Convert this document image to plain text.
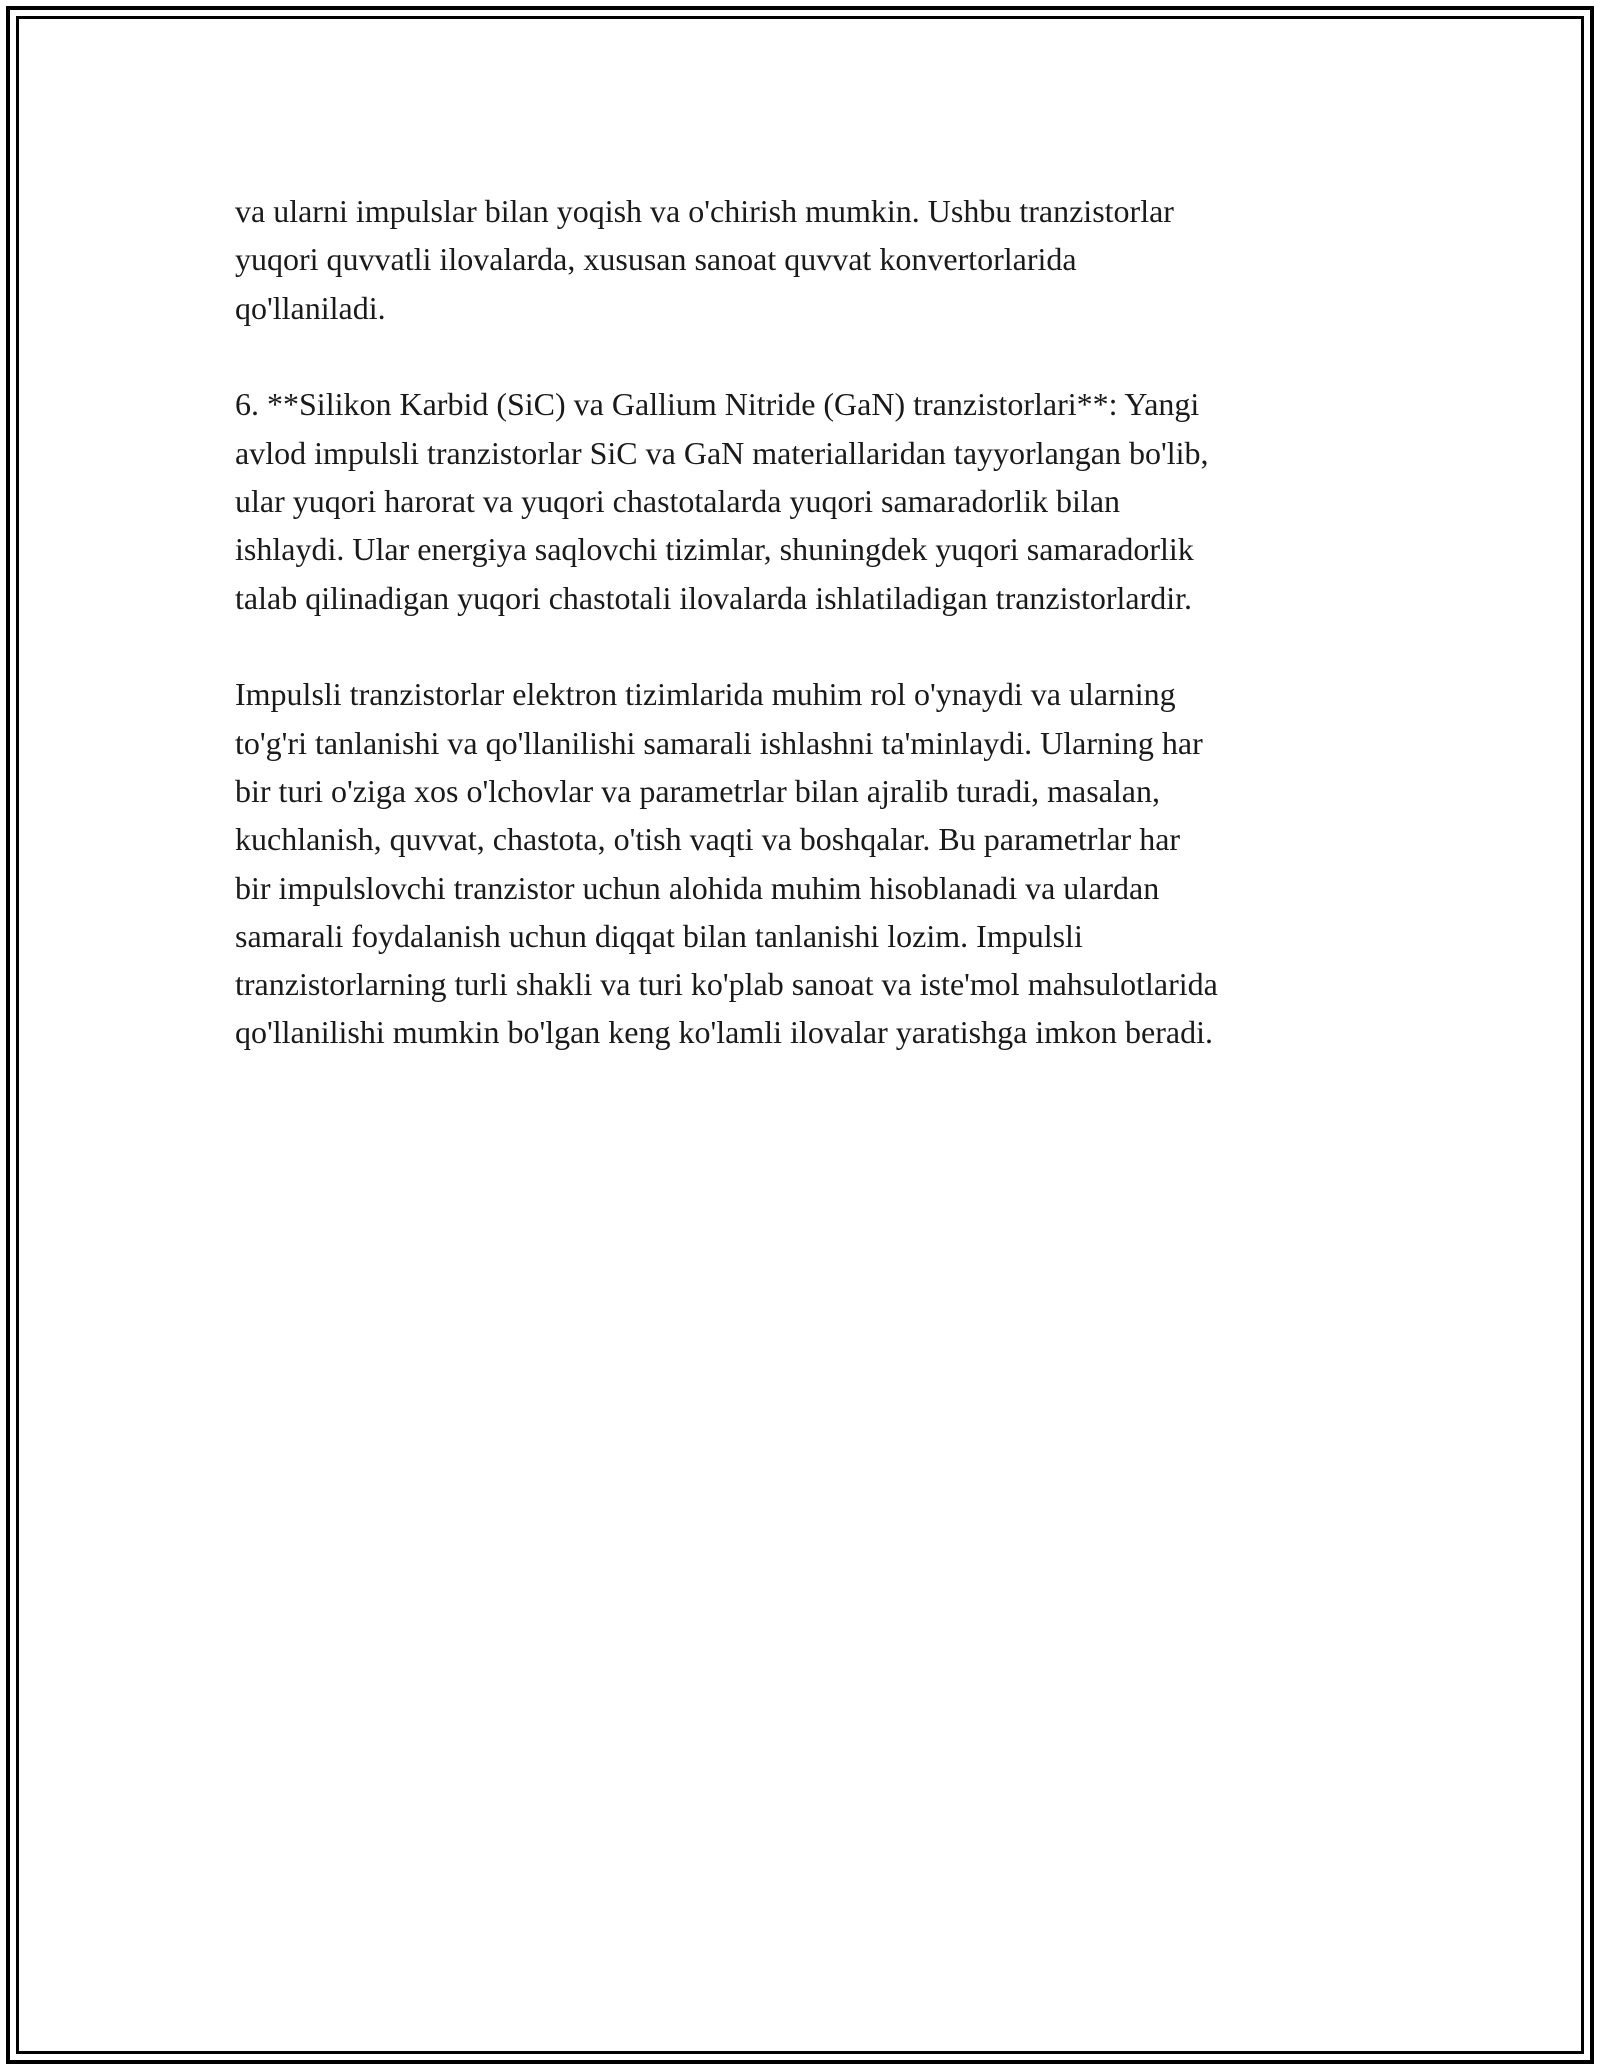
va ularni impulslar bilan yoqish va o'chirish mumkin. Ushbu tranzistorlar
yuqori quvvatli ilovalarda, xususan sanoat quvvat konvertorlarida
qo'llaniladi.

6. **Silikon Karbid (SiC) va Gallium Nitride (GaN) tranzistorlari**: Yangi
avlod impulsli tranzistorlar SiC va GaN materiallaridan tayyorlangan bo'lib,
ular yuqori harorat va yuqori chastotalarda yuqori samaradorlik bilan
ishlaydi. Ular energiya saqlovchi tizimlar, shuningdek yuqori samaradorlik
talab qilinadigan yuqori chastotali ilovalarda ishlatiladigan tranzistorlardir.

Impulsli tranzistorlar elektron tizimlarida muhim rol o'ynaydi va ularning
to'g'ri tanlanishi va qo'llanilishi samarali ishlashni ta'minlaydi. Ularning har
bir turi o'ziga xos o'lchovlar va parametrlar bilan ajralib turadi, masalan,
kuchlanish, quvvat, chastota, o'tish vaqti va boshqalar. Bu parametrlar har
bir impulslovchi tranzistor uchun alohida muhim hisoblanadi va ulardan
samarali foydalanish uchun diqqat bilan tanlanishi lozim. Impulsli
tranzistorlarning turli shakli va turi ko'plab sanoat va iste'mol mahsulotlarida
qo'llanilishi mumkin bo'lgan keng ko'lamli ilovalar yaratishga imkon beradi.
